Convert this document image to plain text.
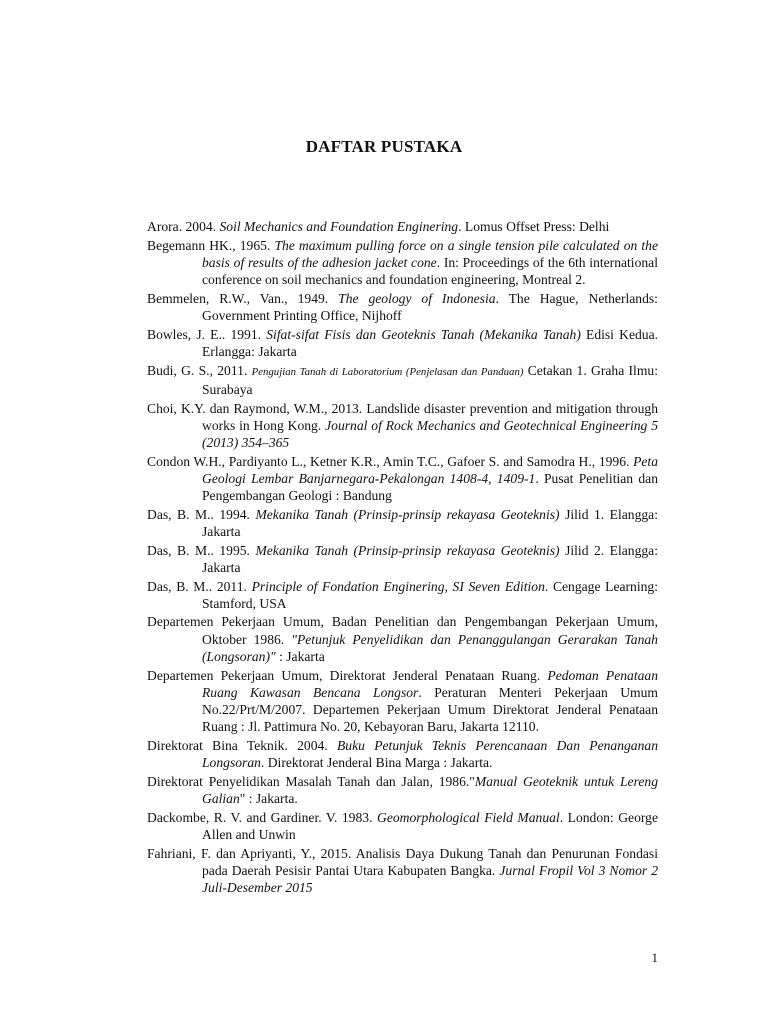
DAFTAR PUSTAKA

Arora. 2004. Soil Mechanics and Foundation Enginering. Lomus Offset Press: Delhi

Begemann HK., 1965. The maximum pulling force on a single tension pile calculated on the basis of results of the adhesion jacket cone. In: Proceedings of the 6th international conference on soil mechanics and foundation engineering, Montreal 2.

Bemmelen, R.W., Van., 1949. The geology of Indonesia. The Hague, Netherlands: Government Printing Office, Nijhoff

Bowles, J. E.. 1991. Sifat-sifat Fisis dan Geoteknis Tanah (Mekanika Tanah) Edisi Kedua. Erlangga: Jakarta

Budi, G. S., 2011. Pengujian Tanah di Laboratorium (Penjelasan dan Panduan) Cetakan 1. Graha Ilmu: Surabaya

Choi, K.Y. dan Raymond, W.M., 2013. Landslide disaster prevention and mitigation through works in Hong Kong. Journal of Rock Mechanics and Geotechnical Engineering 5 (2013) 354–365

Condon W.H., Pardiyanto L., Ketner K.R., Amin T.C., Gafoer S. and Samodra H., 1996. Peta Geologi Lembar Banjarnegara-Pekalongan 1408-4, 1409-1. Pusat Penelitian dan Pengembangan Geologi : Bandung

Das, B. M.. 1994. Mekanika Tanah (Prinsip-prinsip rekayasa Geoteknis) Jilid 1. Elangga: Jakarta

Das, B. M.. 1995. Mekanika Tanah (Prinsip-prinsip rekayasa Geoteknis) Jilid 2. Elangga: Jakarta

Das, B. M.. 2011. Principle of Fondation Enginering, SI Seven Edition. Cengage Learning: Stamford, USA

Departemen Pekerjaan Umum, Badan Penelitian dan Pengembangan Pekerjaan Umum, Oktober 1986. "Petunjuk Penyelidikan dan Penanggulangan Gerarakan Tanah (Longsoran)" : Jakarta

Departemen Pekerjaan Umum, Direktorat Jenderal Penataan Ruang. Pedoman Penataan Ruang Kawasan Bencana Longsor. Peraturan Menteri Pekerjaan Umum No.22/Prt/M/2007. Departemen Pekerjaan Umum Direktorat Jenderal Penataan Ruang : Jl. Pattimura No. 20, Kebayoran Baru, Jakarta 12110.

Direktorat Bina Teknik. 2004. Buku Petunjuk Teknis Perencanaan Dan Penanganan Longsoran. Direktorat Jenderal Bina Marga : Jakarta.

Direktorat Penyelidikan Masalah Tanah dan Jalan, 1986."Manual Geoteknik untuk Lereng Galian" : Jakarta.

Dackombe, R. V. and Gardiner. V. 1983. Geomorphological Field Manual. London: George Allen and Unwin

Fahriani, F. dan Apriyanti, Y., 2015. Analisis Daya Dukung Tanah dan Penurunan Fondasi pada Daerah Pesisir Pantai Utara Kabupaten Bangka. Jurnal Fropil Vol 3 Nomor 2 Juli-Desember 2015

1
